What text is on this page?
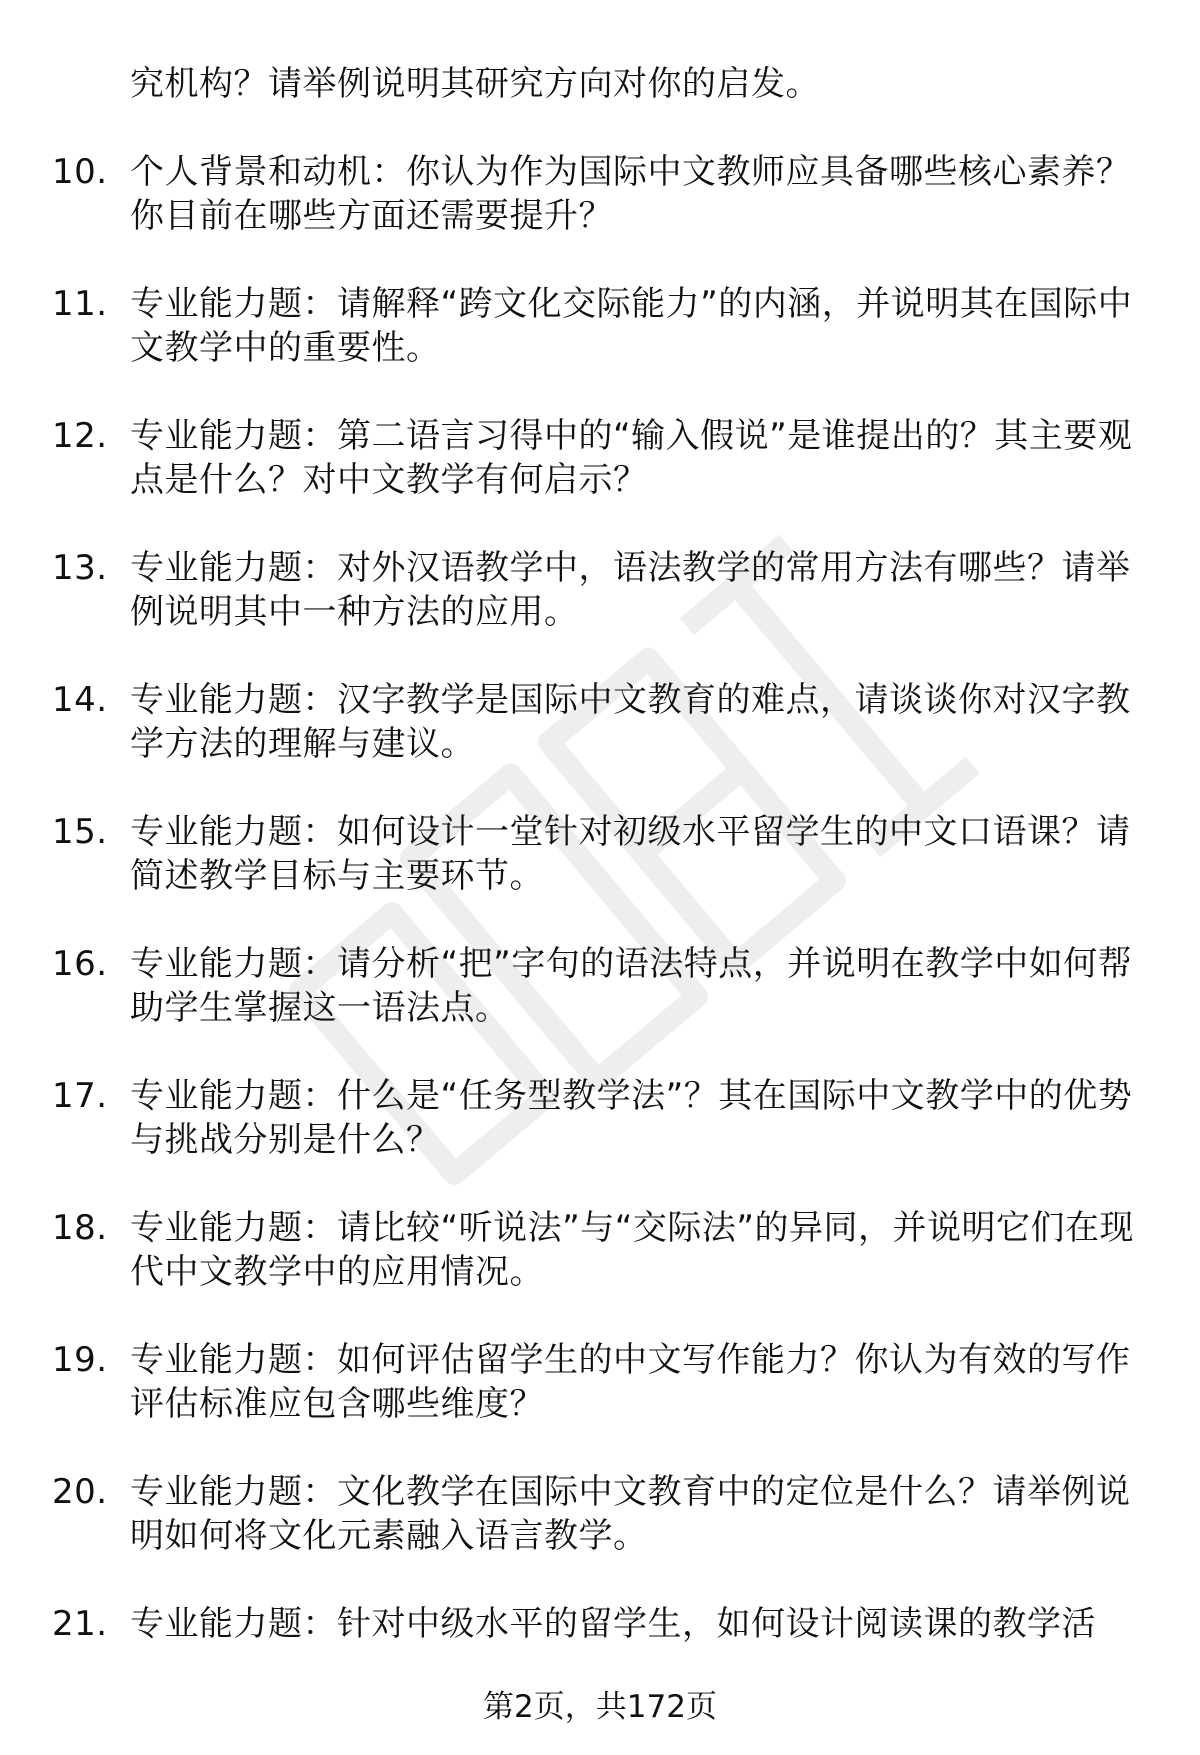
究机构？请举例说明其研究方向对你的启发。
10. 个人背景和动机：你认为作为国际中文教师应具备哪些核心素养？你目前在哪些方面还需要提升？
11. 专业能力题：请解释“跨文化交际能力”的内涵，并说明其在国际中文教学中的重要性。
12. 专业能力题：第二语言习得中的“输入假说”是谁提出的？其主要观点是什么？对中文教学有何启示？
13. 专业能力题：对外汉语教学中，语法教学的常用方法有哪些？请举例说明其中一种方法的应用。
14. 专业能力题：汉字教学是国际中文教育的难点，请谈谈你对汉字教学方法的理解与建议。
15. 专业能力题：如何设计一堂针对初级水平留学生的中文口语课？请简述教学目标与主要环节。
16. 专业能力题：请分析“把”字句的语法特点，并说明在教学中如何帮助学生掌握这一语法点。
17. 专业能力题：什么是“任务型教学法”？其在国际中文教学中的优势与挑战分别是什么？
18. 专业能力题：请比较“听说法”与“交际法”的异同，并说明它们在现代中文教学中的应用情况。
19. 专业能力题：如何评估留学生的中文写作能力？你认为有效的写作评估标准应包含哪些维度？
20. 专业能力题：文化教学在国际中文教育中的定位是什么？请举例说明如何将文化元素融入语言教学。
21. 专业能力题：针对中级水平的留学生，如何设计阅读课的教学活
第2页，共172页
